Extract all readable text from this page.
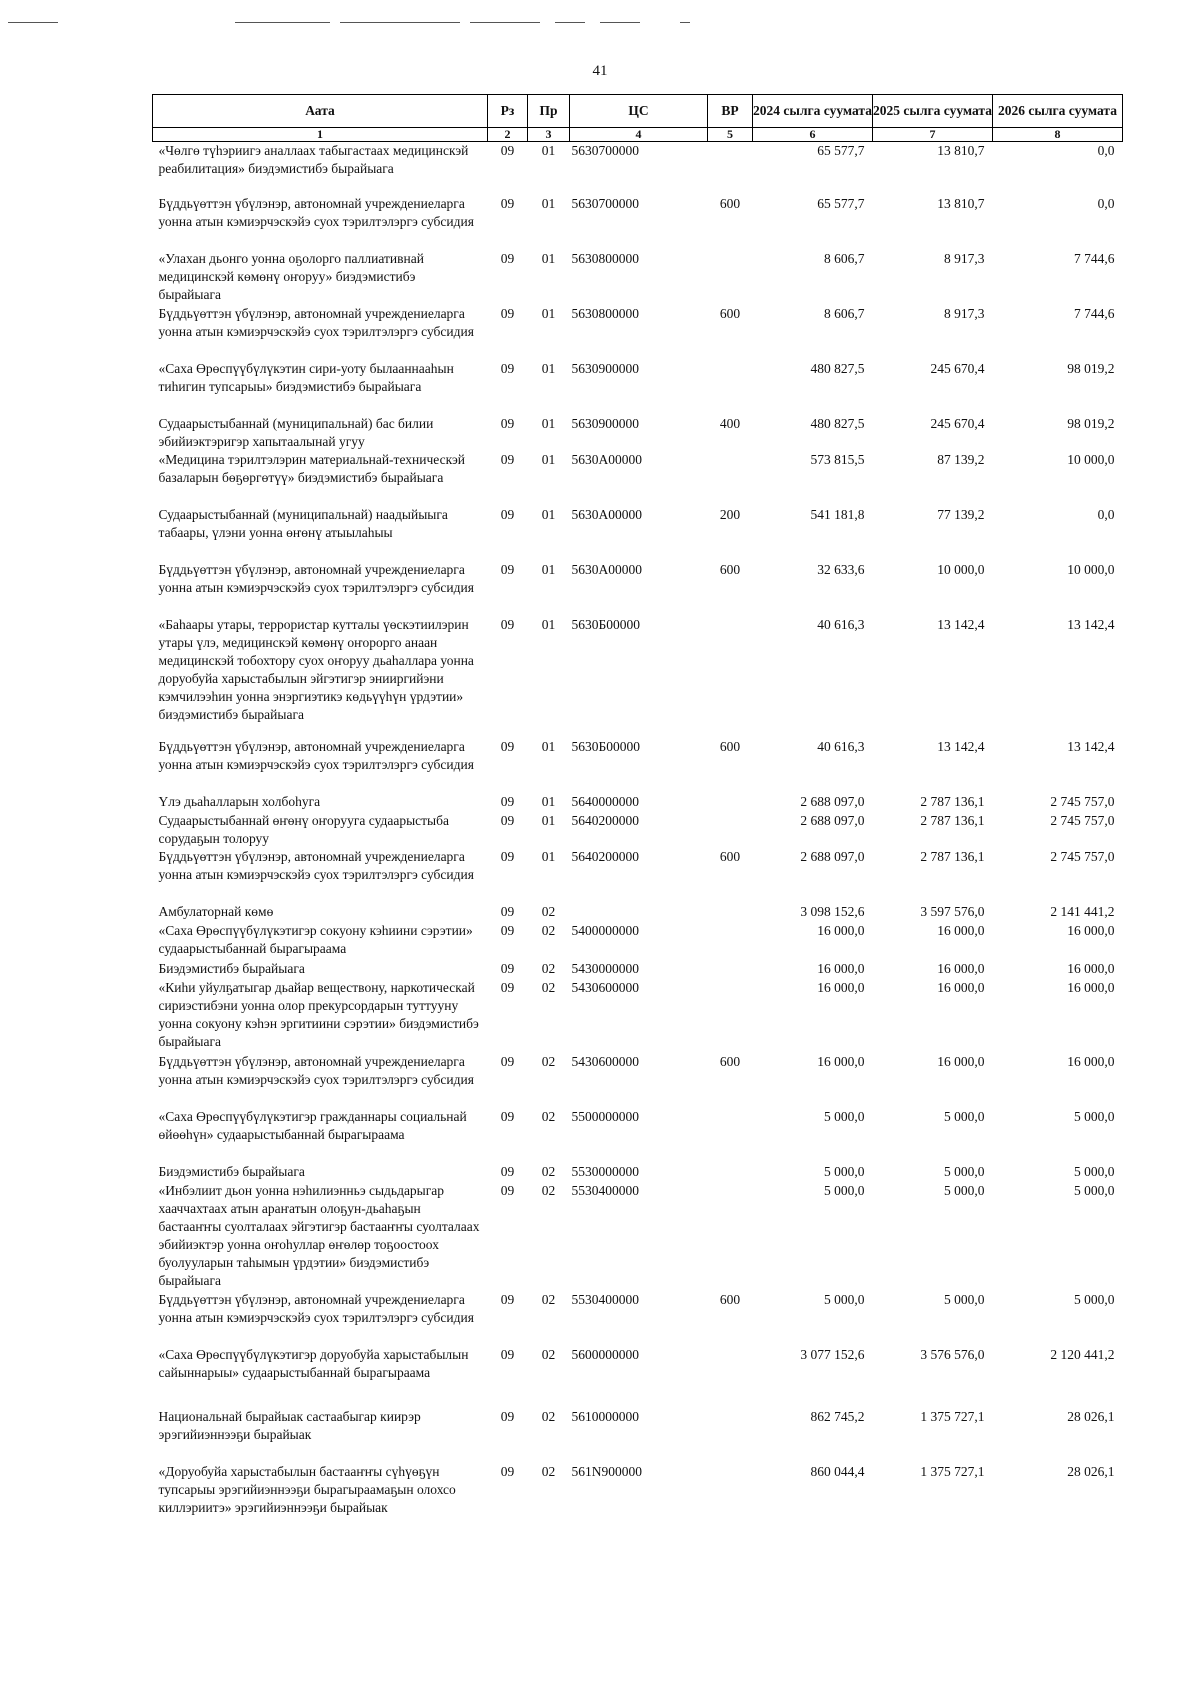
41
Аата	Рз	Пр	ЦС	ВР	2024 сылга суумата	2025 сылга суумата	2026 сылга суумата
1	2	3	4	5	6	7	8
«Чөлгө түһэриигэ аналлаах табыгастаах медицинскэй реабилитация» биэдэмистибэ бырайыага	09	01	5630700000		65 577,7	13 810,7	0,0
Бүддьүөттэн үбүлэнэр, автономнай учреждениеларга уонна атын кэмиэрчэскэйэ суох тэрилтэлэргэ субсидия	09	01	5630700000	600	65 577,7	13 810,7	0,0
«Улахан дьонго уонна оҕолорго паллиативнай медицинскэй көмөнү оҥоруу» биэдэмистибэ бырайыага	09	01	5630800000		8 606,7	8 917,3	7 744,6
Бүддьүөттэн үбүлэнэр, автономнай учреждениеларга уонна атын кэмиэрчэскэйэ суох тэрилтэлэргэ субсидия	09	01	5630800000	600	8 606,7	8 917,3	7 744,6
«Саха Өрөспүүбүлүкэтин сири-уоту былааннааһын тиһигин тупсарыы» биэдэмистибэ бырайыага	09	01	5630900000		480 827,5	245 670,4	98 019,2
Судаарыстыбаннай (муниципальнай) бас билии эбийиэктэригэр хапытаалынай угуу	09	01	5630900000	400	480 827,5	245 670,4	98 019,2
«Медицина тэрилтэлэрин материальнай-техническэй базаларын бөҕөргөтүү» биэдэмистибэ бырайыага	09	01	5630А00000		573 815,5	87 139,2	10 000,0
Судаарыстыбаннай (муниципальнай) наадыйыыга табаары, үлэни уонна өҥөнү атыылаһыы	09	01	5630А00000	200	541 181,8	77 139,2	0,0
Бүддьүөттэн үбүлэнэр, автономнай учреждениеларга уонна атын кэмиэрчэскэйэ суох тэрилтэлэргэ субсидия	09	01	5630А00000	600	32 633,6	10 000,0	10 000,0
«Баһаары утары, террористар кутталы үөскэтиилэрин утары үлэ, медицинскэй көмөнү оҥорорго анаан медицинскэй тобохтору суох оҥоруу дьаһаллара уонна доруобуйа харыстабылын эйгэтигэр энииргийэни кэмчилээһин уонна энэргиэтикэ көдьүүһүн үрдэтии» биэдэмистибэ бырайыага	09	01	5630Б00000		40 616,3	13 142,4	13 142,4
Бүддьүөттэн үбүлэнэр, автономнай учреждениеларга уонна атын кэмиэрчэскэйэ суох тэрилтэлэргэ субсидия	09	01	5630Б00000	600	40 616,3	13 142,4	13 142,4
Үлэ дьаһалларын холбоһуга	09	01	5640000000		2 688 097,0	2 787 136,1	2 745 757,0
Судаарыстыбаннай өҥөнү оҥорууга судаарыстыба сорудаҕын толоруу	09	01	5640200000		2 688 097,0	2 787 136,1	2 745 757,0
Бүддьүөттэн үбүлэнэр, автономнай учреждениеларга уонна атын кэмиэрчэскэйэ суох тэрилтэлэргэ субсидия	09	01	5640200000	600	2 688 097,0	2 787 136,1	2 745 757,0
Амбулаторнай көмө	09	02			3 098 152,6	3 597 576,0	2 141 441,2
«Саха Өрөспүүбүлүкэтигэр сокуону кэһиини сэрэтии» судаарыстыбаннай бырагыраама	09	02	5400000000		16 000,0	16 000,0	16 000,0
Биэдэмистибэ бырайыага	09	02	5430000000		16 000,0	16 000,0	16 000,0
«Киһи уйулҕатыгар дьайар веществону, наркотическай сириэстибэни уонна олор прекурсордарын туттууну уонна сокуону кэһэн эргитиини сэрэтии» биэдэмистибэ бырайыага	09	02	5430600000		16 000,0	16 000,0	16 000,0
Бүддьүөттэн үбүлэнэр, автономнай учреждениеларга уонна атын кэмиэрчэскэйэ суох тэрилтэлэргэ субсидия	09	02	5430600000	600	16 000,0	16 000,0	16 000,0
«Саха Өрөспүүбүлүкэтигэр гражданнары социальнай өйөөһүн» судаарыстыбаннай бырагыраама	09	02	5500000000		5 000,0	5 000,0	5 000,0
Биэдэмистибэ бырайыага	09	02	5530000000		5 000,0	5 000,0	5 000,0
«Инбэлиит дьон уонна нэһилиэнньэ сыдьдарыгар хааччахтаах атын араҥатын олоҕун-дьаһаҕын бастааҥҥы суолталаах эйгэтигэр бастааҥҥы суолталаах эбийиэктэр уонна оҥоһуллар өҥөлөр тоҕоостоох буолууларын таһымын үрдэтии» биэдэмистибэ бырайыага	09	02	5530400000		5 000,0	5 000,0	5 000,0
Бүддьүөттэн үбүлэнэр, автономнай учреждениеларга уонна атын кэмиэрчэскэйэ суох тэрилтэлэргэ субсидия	09	02	5530400000	600	5 000,0	5 000,0	5 000,0
«Саха Өрөспүүбүлүкэтигэр доруобуйа харыстабылын сайыннарыы» судаарыстыбаннай бырагыраама	09	02	5600000000		3 077 152,6	3 576 576,0	2 120 441,2
Национальнай бырайыак састаабыгар киирэр эрэгийиэннээҕи бырайыак	09	02	5610000000		862 745,2	1 375 727,1	28 026,1
«Доруобуйа харыстабылын бастааҥҥы сүһүөҕүн тупсарыы эрэгийиэннээҕи бырагыраамаҕын олохсо киллэриитэ» эрэгийиэннээҕи бырайыак	09	02	561N900000		860 044,4	1 375 727,1	28 026,1
